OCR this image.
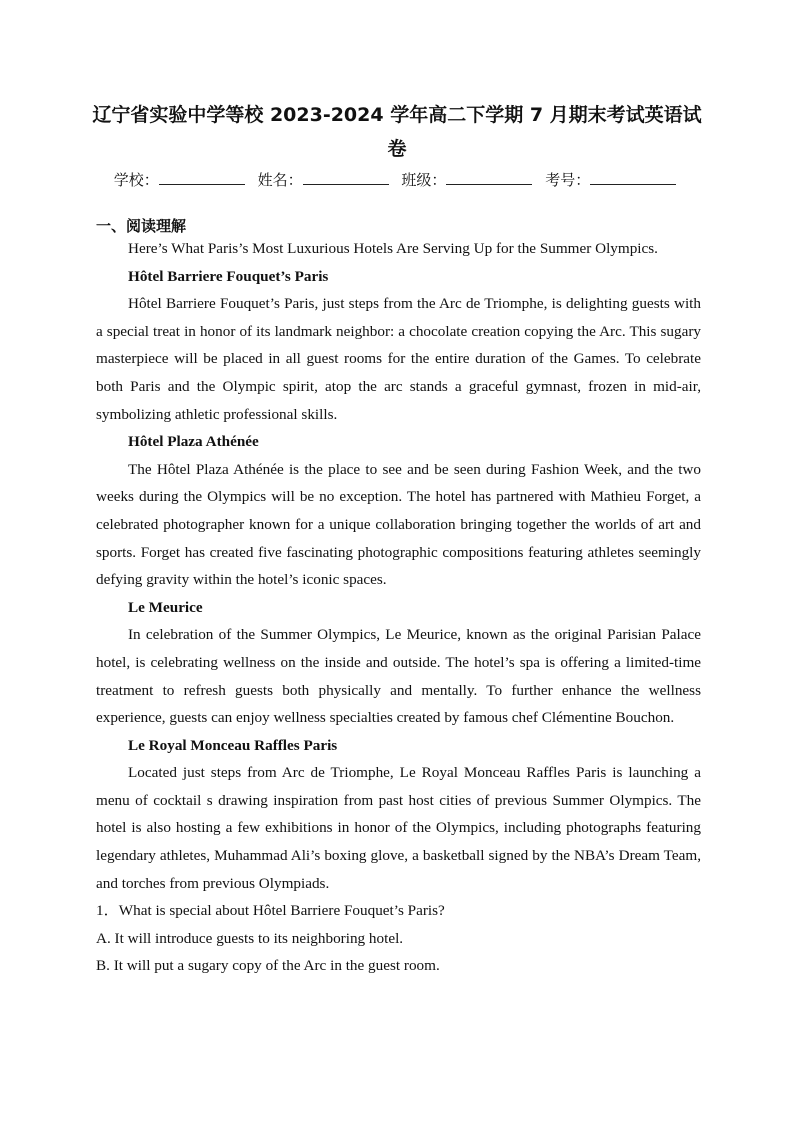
辽宁省实验中学等校 2023-2024 学年高二下学期 7 月期末考试英语试卷
学校：	姓名：	班级：	考号：
一、阅读理解

Here’s What Paris’s Most Luxurious Hotels Are Serving Up for the Summer Olympics.

Hôtel Barriere Fouquet’s Paris

Hôtel Barriere Fouquet’s Paris, just steps from the Arc de Triomphe, is delighting guests with a special treat in honor of its landmark neighbor: a chocolate creation copying the Arc. This sugary masterpiece will be placed in all guest rooms for the entire duration of the Games. To celebrate both Paris and the Olympic spirit, atop the arc stands a graceful gymnast, frozen in mid-air, symbolizing athletic professional skills.

Hôtel Plaza Athénée

The Hôtel Plaza Athénée is the place to see and be seen during Fashion Week, and the two weeks during the Olympics will be no exception. The hotel has partnered with Mathieu Forget, a celebrated photographer known for a unique collaboration bringing together the worlds of art and sports. Forget has created five fascinating photographic compositions featuring athletes seemingly defying gravity within the hotel’s iconic spaces.

Le Meurice

In celebration of the Summer Olympics, Le Meurice, known as the original Parisian Palace hotel, is celebrating wellness on the inside and outside. The hotel’s spa is offering a limited-time treatment to refresh guests both physically and mentally. To further enhance the wellness experience, guests can enjoy wellness specialties created by famous chef Clémentine Bouchon.

Le Royal Monceau Raffles Paris

Located just steps from Arc de Triomphe, Le Royal Monceau Raffles Paris is launching a menu of cocktail s drawing inspiration from past host cities of previous Summer Olympics. The hotel is also hosting a few exhibitions in honor of the Olympics, including photographs featuring legendary athletes, Muhammad Ali’s boxing glove, a basketball signed by the NBA’s Dream Team, and torches from previous Olympiads.

1．What is special about Hôtel Barriere Fouquet’s Paris?

A. It will introduce guests to its neighboring hotel.

B. It will put a sugary copy of the Arc in the guest room.
